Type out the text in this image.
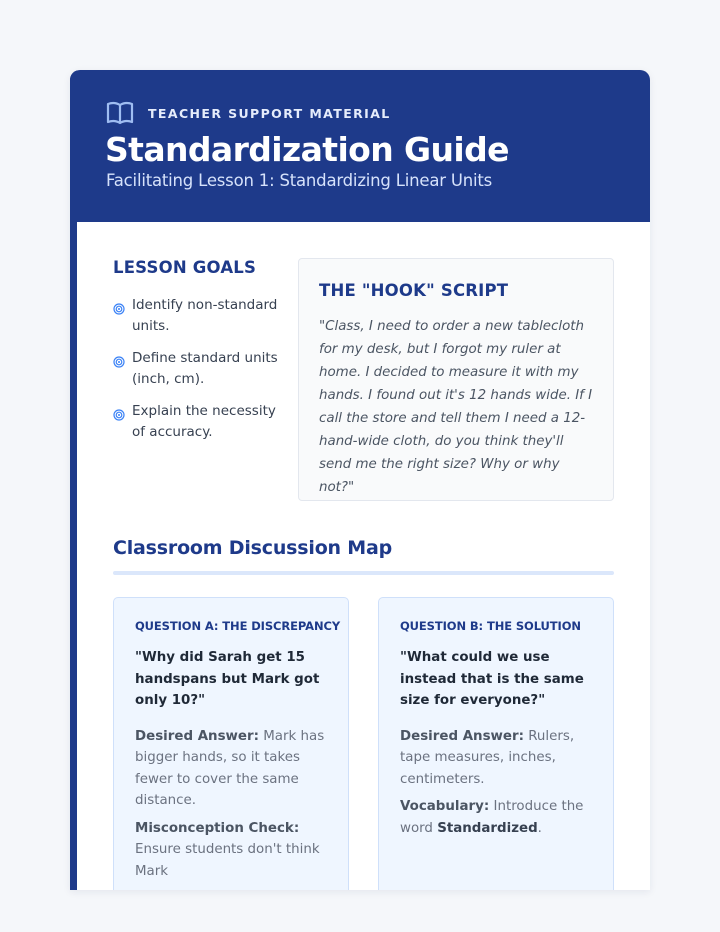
TEACHER SUPPORT MATERIAL
Standardization Guide
Facilitating Lesson 1: Standardizing Linear Units
LESSON GOALS
Identify non-standard units.
Define standard units (inch, cm).
Explain the necessity of accuracy.
THE "HOOK" SCRIPT
"Class, I need to order a new tablecloth for my desk, but I forgot my ruler at home. I decided to measure it with my hands. I found out it's 12 hands wide. If I call the store and tell them I need a 12-hand-wide cloth, do you think they'll send me the right size? Why or why not?"
Classroom Discussion Map
QUESTION A: THE DISCREPANCY
"Why did Sarah get 15 handspans but Mark got only 10?"

Desired Answer: Mark has bigger hands, so it takes fewer to cover the same distance.

Misconception Check: Ensure students don't think Mark

QUESTION B: THE SOLUTION
"What could we use instead that is the same size for everyone?"

Desired Answer: Rulers, tape measures, inches, centimeters.

Vocabulary: Introduce the word Standardized.
